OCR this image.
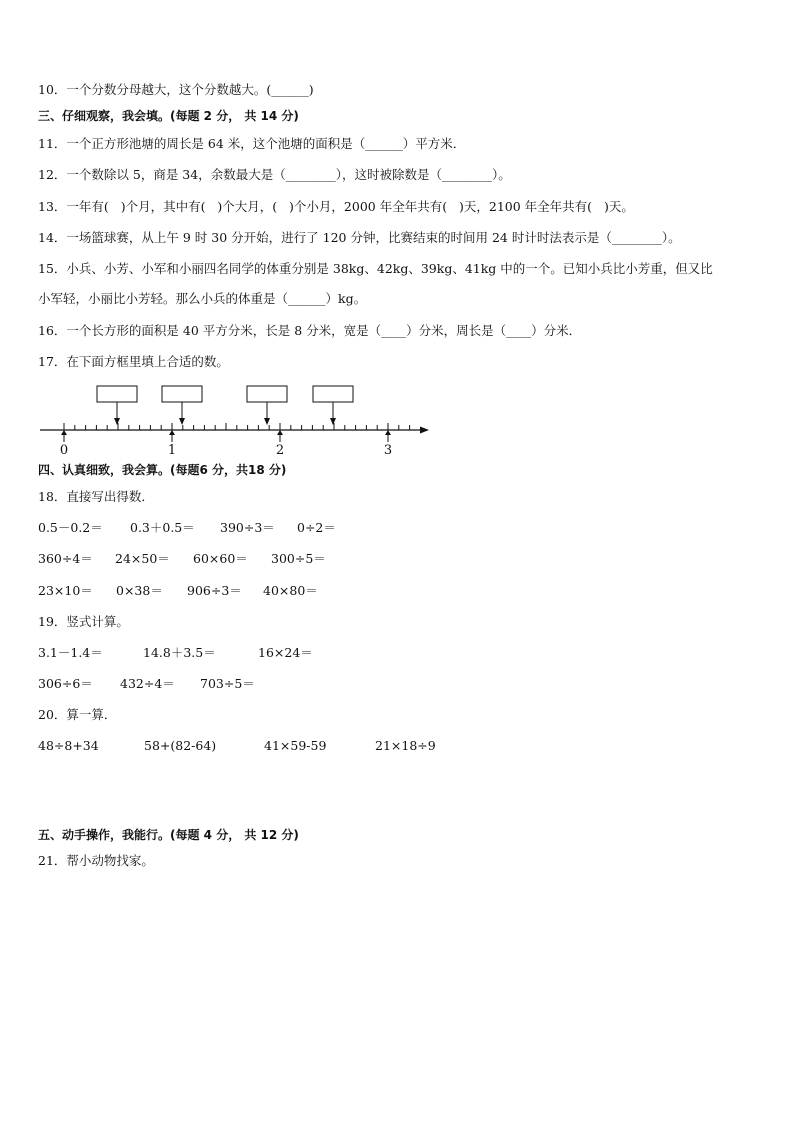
10．一个分数分母越大，这个分数越大。(______)
三、仔细观察，我会填。(每题 2 分， 共 14 分)
11．一个正方形池塘的周长是 64 米，这个池塘的面积是（______）平方米．
12．一个数除以 5，商是 34，余数最大是（________），这时被除数是（________）。
13．一年有(   )个月，其中有(   )个大月，(   )个小月，2000 年全年共有(   )天，2100 年全年共有(   )天。
14．一场篮球赛，从上午 9 时 30 分开始，进行了 120 分钟，比赛结束的时间用 24 时计时法表示是（________）。
15．小兵、小芳、小军和小丽四名同学的体重分别是 38kg、42kg、39kg、41kg 中的一个。已知小兵比小芳重，但又比
小军轻，小丽比小芳轻。那么小兵的体重是（______）kg。
16．一个长方形的面积是 40 平方分米，长是 8 分米，宽是（____）分米，周长是（____）分米．
17．在下面方框里填上合适的数。
0	1	2	3
四、认真细致，我会算。(每题6 分，共18 分)
18．直接写出得数．
0.5－0.2＝ 0.3＋0.5＝ 390÷3＝ 0÷2＝
360÷4＝ 24×50＝ 60×60＝ 300÷5＝
23×10＝ 0×38＝ 906÷3＝ 40×80＝
19．竖式计算。
3.1－1.4＝	14.8＋3.5＝	16×24＝
306÷6＝ 432÷4＝ 703÷5＝
20．算一算．
48÷8+34	58+(82-64)	41×59-59	21×18÷9
五、动手操作，我能行。(每题 4 分， 共 12 分)
21．帮小动物找家。
